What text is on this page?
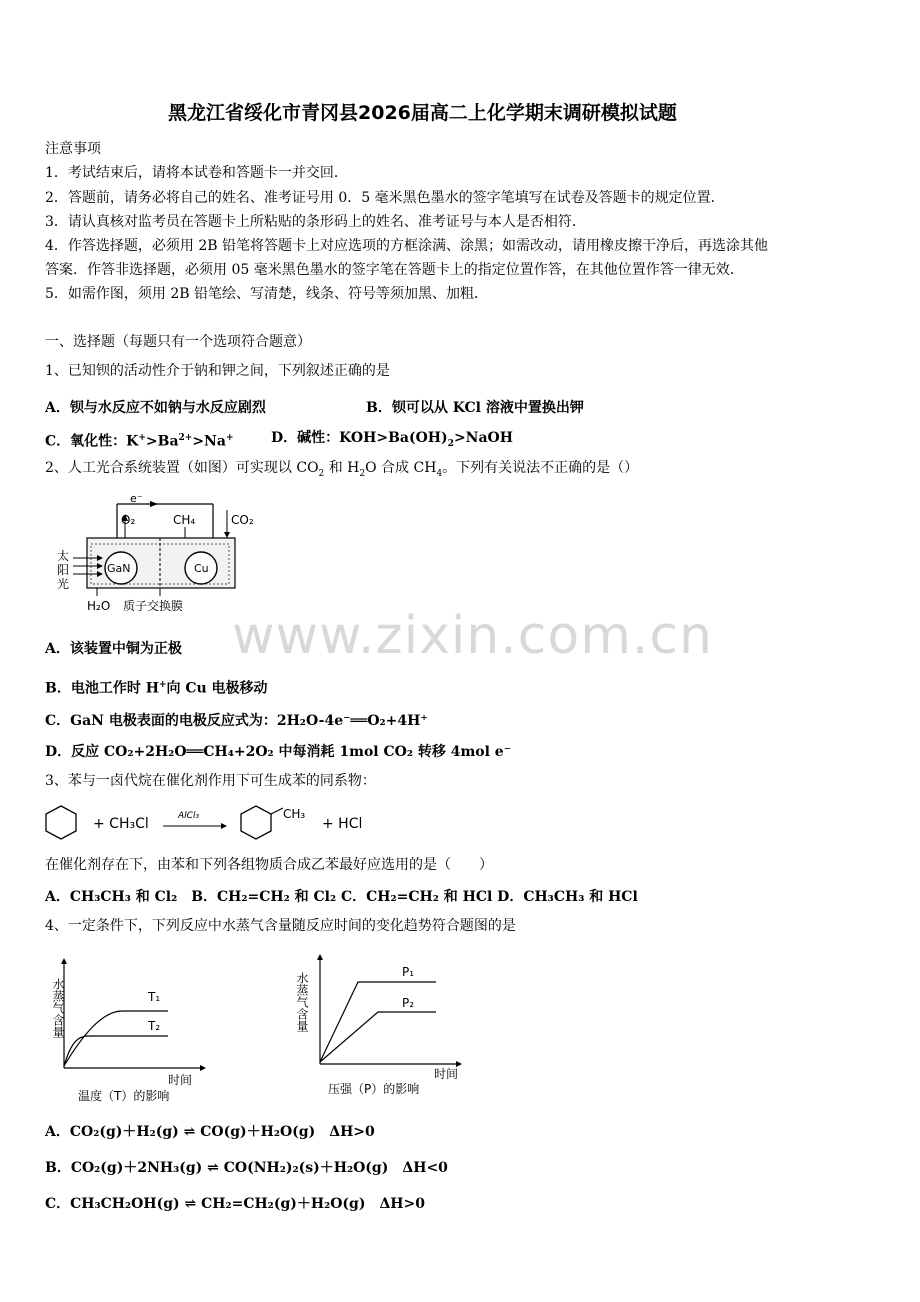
黑龙江省绥化市青冈县2026届高二上化学期末调研模拟试题
注意事项
1．考试结束后，请将本试卷和答题卡一并交回．
2．答题前，请务必将自己的姓名、准考证号用 0．5 毫米黑色墨水的签字笔填写在试卷及答题卡的规定位置．
3．请认真核对监考员在答题卡上所粘贴的条形码上的姓名、准考证号与本人是否相符．
4．作答选择题，必须用 2B 铅笔将答题卡上对应选项的方框涂满、涂黑；如需改动，请用橡皮擦干净后，再选涂其他
答案．作答非选择题，必须用 05 毫米黑色墨水的签字笔在答题卡上的指定位置作答，在其他位置作答一律无效．
5．如需作图，须用 2B 铅笔绘、写清楚，线条、符号等须加黑、加粗．
一、选择题（每题只有一个选项符合题意）
1、已知钡的活动性介于钠和钾之间，下列叙述正确的是
A．钡与水反应不如钠与水反应剧烈	B．钡可以从 KCl 溶液中置换出钾
C．氧化性：$K^+>Ba^{2+}>Na^+$	D．碱性：$KOH>Ba(OH)_2>NaOH$
2、人工光合系统装置（如图）可实现以 $CO_2$ 和 $H_2O$ 合成 $CH_4$。下列有关说法不正确的是（）
e⁻
O₂	CH₄	CO₂
太
阳
光
GaN	Cu
H₂O 质子交换膜 www.zixin.com.cn
A．该装置中铜为正极
B．电池工作时 H+向 Cu 电极移动
C．GaN 电极表面的电极反应式为：2H₂O-4e⁻══O₂+4H⁺
D．反应 CO₂+2H₂O══CH₄+2O₂ 中每消耗 1mol CO₂ 转移 4mol e⁻
3、苯与一卤代烷在催化剂作用下可生成苯的同系物：
+ CH₃Cl	AlCl₃	CH₃
+ HCl
在催化剂存在下，由苯和下列各组物质合成乙苯最好应选用的是（　　）
A．CH₃CH₃ 和 Cl₂　B．CH₂=CH₂ 和 Cl₂ C．CH₂=CH₂ 和 HCl D．CH₃CH₃ 和 HCl
4、一定条件下，下列反应中水蒸气含量随反应时间的变化趋势符合题图的是
水蒸气含量
时间
T₁
T₂
温度（T）的影响
水蒸气含量
时间
P₁
P₂
压强（P）的影响
A．CO₂(g)＋H₂(g) ⇌ CO(g)＋H₂O(g)　ΔH>0
B．CO₂(g)＋2NH₃(g) ⇌ CO(NH₂)₂(s)＋H₂O(g)　ΔH<0
C．CH₃CH₂OH(g) ⇌ CH₂=CH₂(g)＋H₂O(g)　ΔH>0
